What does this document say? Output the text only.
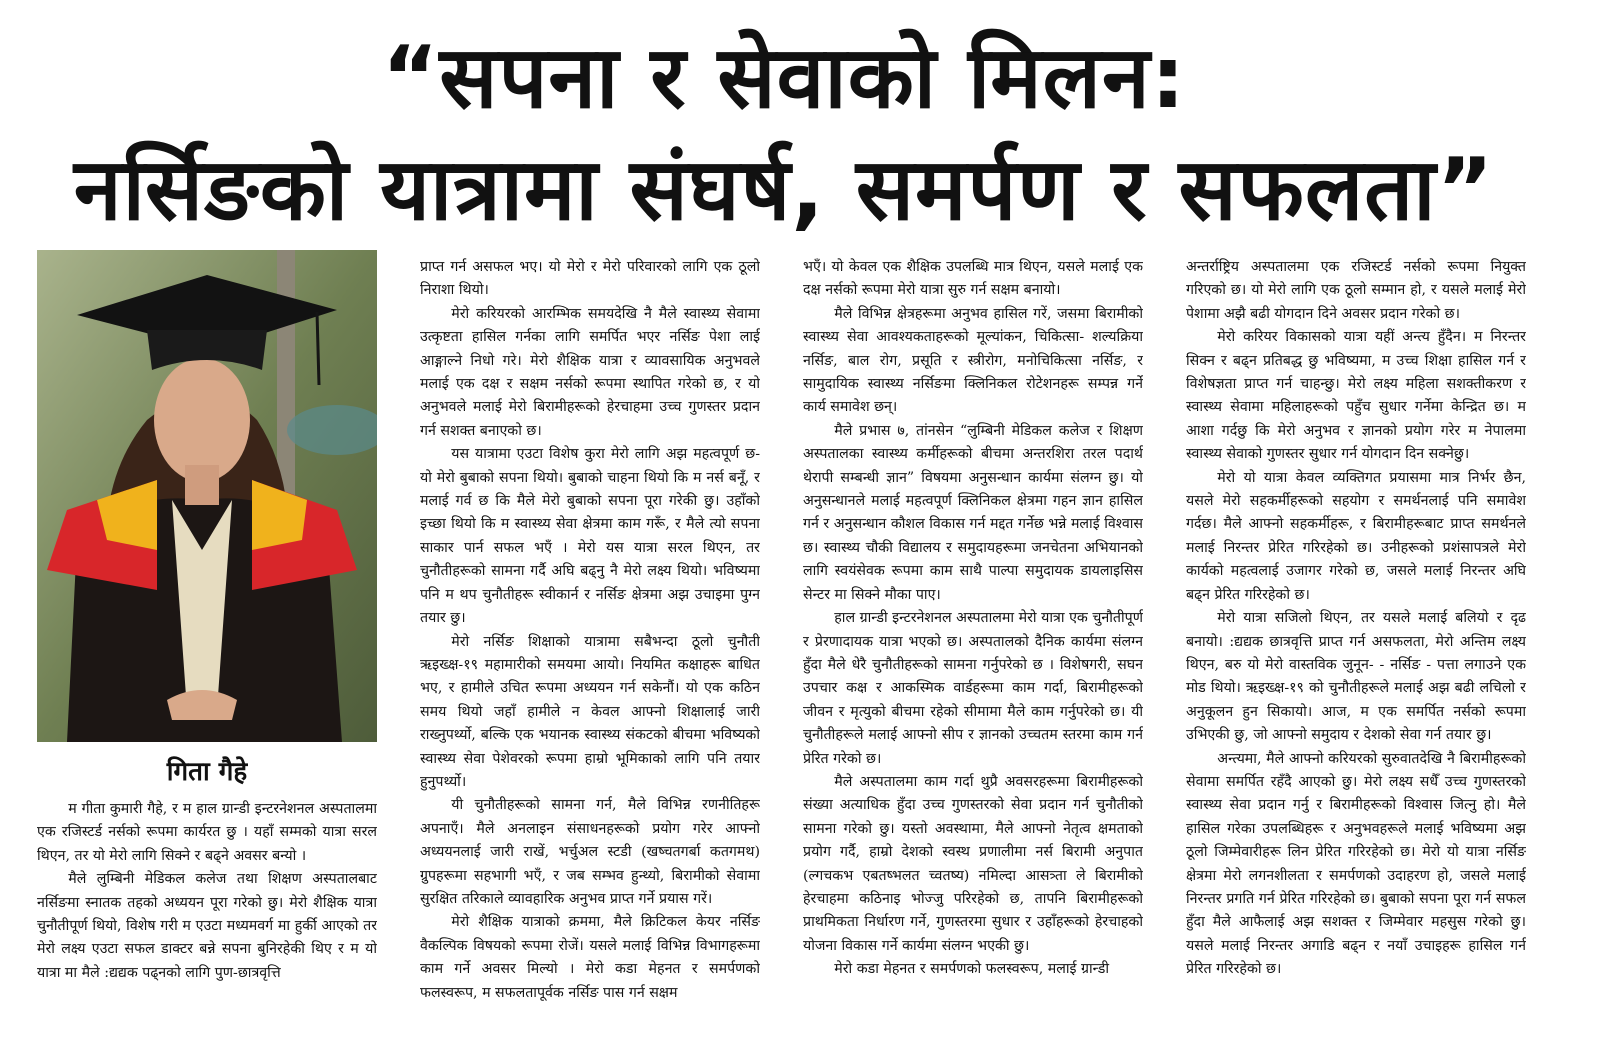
“सपना र सेवाको मिलन:
नर्सिङको यात्रामा संघर्ष, समर्पण र सफलता”
गिता गैहे

म गीता कुमारी गैहे, र म हाल ग्रान्डी इन्टरनेशनल अस्पतालमा एक रजिस्टर्ड नर्सको रूपमा कार्यरत छु । यहाँ सम्मको यात्रा सरल थिएन, तर यो मेरो लागि सिक्ने र बढ्ने अवसर बन्यो ।

मैले लुम्बिनी मेडिकल कलेज तथा शिक्षण अस्पतालबाट नर्सिङमा स्नातक तहको अध्ययन पूरा गरेको छु। मेरो शैक्षिक यात्रा चुनौतीपूर्ण थियो, विशेष गरी म एउटा मध्यमवर्ग मा हुर्की आएको तर मेरो लक्ष्य एउटा सफल डाक्टर बन्ने सपना बुनिरहेकी थिए र म यो यात्रा मा मैले :द्यद्यक पढ्नको लागि पुण-छात्रवृत्ति

प्राप्त गर्न असफल भए। यो मेरो र मेरो परिवारको लागि एक ठूलो निराशा थियो।

मेरो करियरको आरम्भिक समयदेखि नै मैले स्वास्थ्य सेवामा उत्कृष्टता हासिल गर्नका लागि समर्पित भएर नर्सिङ पेशा लाई आङ्गाल्ने निधो गरे। मेरो शैक्षिक यात्रा र व्यावसायिक अनुभवले मलाई एक दक्ष र सक्षम नर्सको रूपमा स्थापित गरेको छ, र यो अनुभवले मलाई मेरो बिरामीहरूको हेरचाहमा उच्च गुणस्तर प्रदान गर्न सशक्त बनाएको छ।

यस यात्रामा एउटा विशेष कुरा मेरो लागि अझ महत्वपूर्ण छ- यो मेरो बुबाको सपना थियो। बुबाको चाहना थियो कि म नर्स बनूँ, र मलाई गर्व छ कि मैले मेरो बुबाको सपना पूरा गरेकी छु। उहाँको इच्छा थियो कि म स्वास्थ्य सेवा क्षेत्रमा काम गरूँ, र मैले त्यो सपना साकार पार्न सफल भएँ । मेरो यस यात्रा सरल थिएन, तर चुनौतीहरूको सामना गर्दै अघि बढ्नु नै मेरो लक्ष्य थियो। भविष्यमा पनि म थप चुनौतीहरू स्वीकार्न र नर्सिङ क्षेत्रमा अझ उचाइमा पुग्न तयार छु।

मेरो नर्सिङ शिक्षाको यात्रामा सबैभन्दा ठूलो चुनौती ऋइख्क्ष-१९ महामारीको समयमा आयो। नियमित कक्षाहरू बाधित भए, र हामीले उचित रूपमा अध्ययन गर्न सकेनौं। यो एक कठिन समय थियो जहाँ हामीले न केवल आफ्नो शिक्षालाई जारी राख्नुपर्थ्यो, बल्कि एक भयानक स्वास्थ्य संकटको बीचमा भविष्यको स्वास्थ्य सेवा पेशेवरको रूपमा हाम्रो भूमिकाको लागि पनि तयार हुनुपर्थ्यो।

यी चुनौतीहरूको सामना गर्न, मैले विभिन्न रणनीतिहरू अपनाएँ। मैले अनलाइन संसाधनहरूको प्रयोग गरेर आफ्नो अध्ययनलाई जारी राखें, भर्चुअल स्टडी (खष्चतगर्बा कतगमथ) ग्रुपहरूमा सहभागी भएँ, र जब सम्भव हुन्थ्यो, बिरामीको सेवामा सुरक्षित तरिकाले व्यावहारिक अनुभव प्राप्त गर्ने प्रयास गरें।

मेरो शैक्षिक यात्राको क्रममा, मैले क्रिटिकल केयर नर्सिङ वैकल्पिक विषयको रूपमा रोजें। यसले मलाई विभिन्न विभागहरूमा काम गर्ने अवसर मिल्यो । मेरो कडा मेहनत र समर्पणको फलस्वरूप, म सफलतापूर्वक नर्सिङ पास गर्न सक्षम

भएँ। यो केवल एक शैक्षिक उपलब्धि मात्र थिएन, यसले मलाई एक दक्ष नर्सको रूपमा मेरो यात्रा सुरु गर्न सक्षम बनायो।

मैले विभिन्न क्षेत्रहरूमा अनुभव हासिल गरें, जसमा बिरामीको स्वास्थ्य सेवा आवश्यकताहरूको मूल्यांकन, चिकित्सा- शल्यक्रिया नर्सिङ, बाल रोग, प्रसूति र स्त्रीरोग, मनोचिकित्सा नर्सिङ, र सामुदायिक स्वास्थ्य नर्सिङमा क्लिनिकल रोटेशनहरू सम्पन्न गर्ने कार्य समावेश छन्।

मैले प्रभास ७, तांनसेन “लुम्बिनी मेडिकल कलेज र शिक्षण अस्पतालका स्वास्थ्य कर्मीहरूको बीचमा अन्तरशिरा तरल पदार्थ थेरापी सम्बन्धी ज्ञान” विषयमा अनुसन्धान कार्यमा संलग्न छु। यो अनुसन्धानले मलाई महत्वपूर्ण क्लिनिकल क्षेत्रमा गहन ज्ञान हासिल गर्न र अनुसन्धान कौशल विकास गर्न मद्दत गर्नेछ भन्ने मलाई विश्वास छ। स्वास्थ्य चौकी विद्यालय र समुदायहरूमा जनचेतना अभियानको लागि स्वयंसेवक रूपमा काम साथै पाल्पा समुदायक डायलाइसिस सेन्टर मा सिक्ने मौका पाए।

हाल ग्रान्डी इन्टरनेशनल अस्पतालमा मेरो यात्रा एक चुनौतीपूर्ण र प्रेरणादायक यात्रा भएको छ। अस्पतालको दैनिक कार्यमा संलग्न हुँदा मैले धेरै चुनौतीहरूको सामना गर्नुपरेको छ । विशेषगरी, सघन उपचार कक्ष र आकस्मिक वार्डहरूमा काम गर्दा, बिरामीहरूको जीवन र मृत्युको बीचमा रहेको सीमामा मैले काम गर्नुपरेको छ। यी चुनौतीहरूले मलाई आफ्नो सीप र ज्ञानको उच्चतम स्तरमा काम गर्न प्रेरित गरेको छ।

मैले अस्पतालमा काम गर्दा थुप्रै अवसरहरूमा बिरामीहरूको संख्या अत्याधिक हुँदा उच्च गुणस्तरको सेवा प्रदान गर्न चुनौतीको सामना गरेको छु। यस्तो अवस्थामा, मैले आफ्नो नेतृत्व क्षमताको प्रयोग गर्दै, हाम्रो देशको स्वस्थ प्रणालीमा नर्स बिरामी अनुपात (ल्गचकभ एबतष्भलत च्वतष्य) नमिल्दा आसत्र्ता ले बिरामीको हेरचाहमा कठिनाइ भोज्जु परिरहेको छ, तापनि बिरामीहरूको प्राथमिकता निर्धारण गर्ने, गुणस्तरमा सुधार र उहाँहरूको हेरचाहको योजना विकास गर्ने कार्यमा संलग्न भएकी छु।

मेरो कडा मेहनत र समर्पणको फलस्वरूप, मलाई ग्रान्डी

अन्तर्राष्ट्रिय अस्पतालमा एक रजिस्टर्ड नर्सको रूपमा नियुक्त गरिएको छ। यो मेरो लागि एक ठूलो सम्मान हो, र यसले मलाई मेरो पेशामा अझै बढी योगदान दिने अवसर प्रदान गरेको छ।

मेरो करियर विकासको यात्रा यहीं अन्त्य हुँदैन। म निरन्तर सिक्न र बढ्न प्रतिबद्ध छु भविष्यमा, म उच्च शिक्षा हासिल गर्न र विशेषज्ञता प्राप्त गर्न चाहन्छु। मेरो लक्ष्य महिला सशक्तीकरण र स्वास्थ्य सेवामा महिलाहरूको पहुँच सुधार गर्नेमा केन्द्रित छ। म आशा गर्दछु कि मेरो अनुभव र ज्ञानको प्रयोग गरेर म नेपालमा स्वास्थ्य सेवाको गुणस्तर सुधार गर्न योगदान दिन सक्नेछु।

मेरो यो यात्रा केवल व्यक्तिगत प्रयासमा मात्र निर्भर छैन, यसले मेरो सहकर्मीहरूको सहयोग र समर्थनलाई पनि समावेश गर्दछ। मैले आफ्नो सहकर्मीहरू, र बिरामीहरूबाट प्राप्त समर्थनले मलाई निरन्तर प्रेरित गरिरहेको छ। उनीहरूको प्रशंसापत्रले मेरो कार्यको महत्वलाई उजागर गरेको छ, जसले मलाई निरन्तर अघि बढ्न प्रेरित गरिरहेको छ।

मेरो यात्रा सजिलो थिएन, तर यसले मलाई बलियो र दृढ बनायो। :द्यद्यक छात्रवृत्ति प्राप्त गर्न असफलता, मेरो अन्तिम लक्ष्य थिएन, बरु यो मेरो वास्तविक जुनून- - नर्सिङ - पत्ता लगाउने एक मोड थियो। ऋइख्क्ष-१९ को चुनौतीहरूले मलाई अझ बढी लचिलो र अनुकूलन हुन सिकायो। आज, म एक समर्पित नर्सको रूपमा उभिएकी छु, जो आफ्नो समुदाय र देशको सेवा गर्न तयार छु।

अन्त्यमा, मैले आफ्नो करियरको सुरुवातदेखि नै बिरामीहरूको सेवामा समर्पित रहँदै आएको छु। मेरो लक्ष्य सधैँ उच्च गुणस्तरको स्वास्थ्य सेवा प्रदान गर्नु र बिरामीहरूको विश्वास जित्नु हो। मैले हासिल गरेका उपलब्धिहरू र अनुभवहरूले मलाई भविष्यमा अझ ठूलो जिम्मेवारीहरू लिन प्रेरित गरिरहेको छ। मेरो यो यात्रा नर्सिङ क्षेत्रमा मेरो लगनशीलता र समर्पणको उदाहरण हो, जसले मलाई निरन्तर प्रगति गर्न प्रेरित गरिरहेको छ। बुबाको सपना पूरा गर्न सफल हुँदा मैले आफैलाई अझ सशक्त र जिम्मेवार महसुस गरेको छु। यसले मलाई निरन्तर अगाडि बढ्न र नयाँ उचाइहरू हासिल गर्न प्रेरित गरिरहेको छ।
